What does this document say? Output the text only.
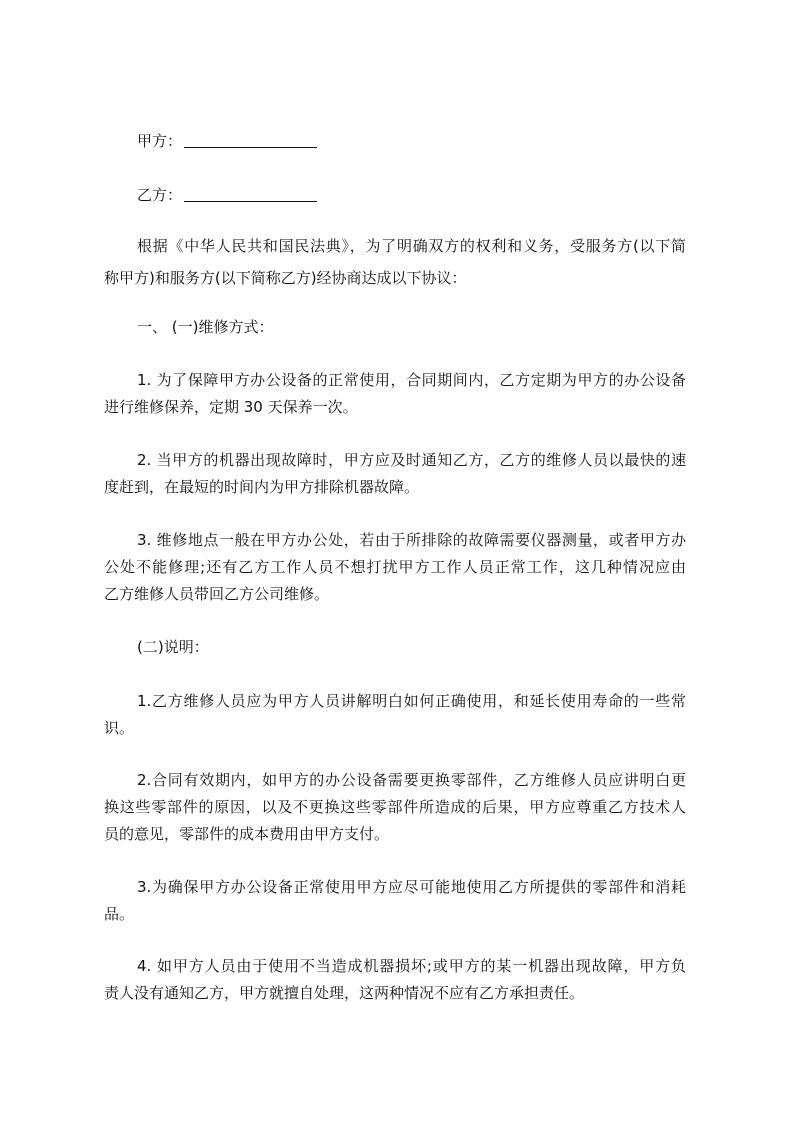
甲方：
乙方：
根据《中华人民共和国民法典》，为了明确双方的权利和义务，受服务方(以下简
称甲方)和服务方(以下简称乙方)经协商达成以下协议：
一、 (一)维修方式：
1. 为了保障甲方办公设备的正常使用，合同期间内，乙方定期为甲方的办公设备
进行维修保养，定期 30 天保养一次。
2. 当甲方的机器出现故障时，甲方应及时通知乙方，乙方的维修人员以最快的速
度赶到，在最短的时间内为甲方排除机器故障。
3. 维修地点一般在甲方办公处，若由于所排除的故障需要仪器测量，或者甲方办
公处不能修理;还有乙方工作人员不想打扰甲方工作人员正常工作，这几种情况应由
乙方维修人员带回乙方公司维修。
(二)说明：
1.乙方维修人员应为甲方人员讲解明白如何正确使用，和延长使用寿命的一些常
识。
2.合同有效期内，如甲方的办公设备需要更换零部件，乙方维修人员应讲明白更
换这些零部件的原因，以及不更换这些零部件所造成的后果，甲方应尊重乙方技术人
员的意见，零部件的成本费用由甲方支付。
3.为确保甲方办公设备正常使用甲方应尽可能地使用乙方所提供的零部件和消耗
品。
4. 如甲方人员由于使用不当造成机器损坏;或甲方的某一机器出现故障，甲方负
责人没有通知乙方，甲方就擅自处理，这两种情况不应有乙方承担责任。
